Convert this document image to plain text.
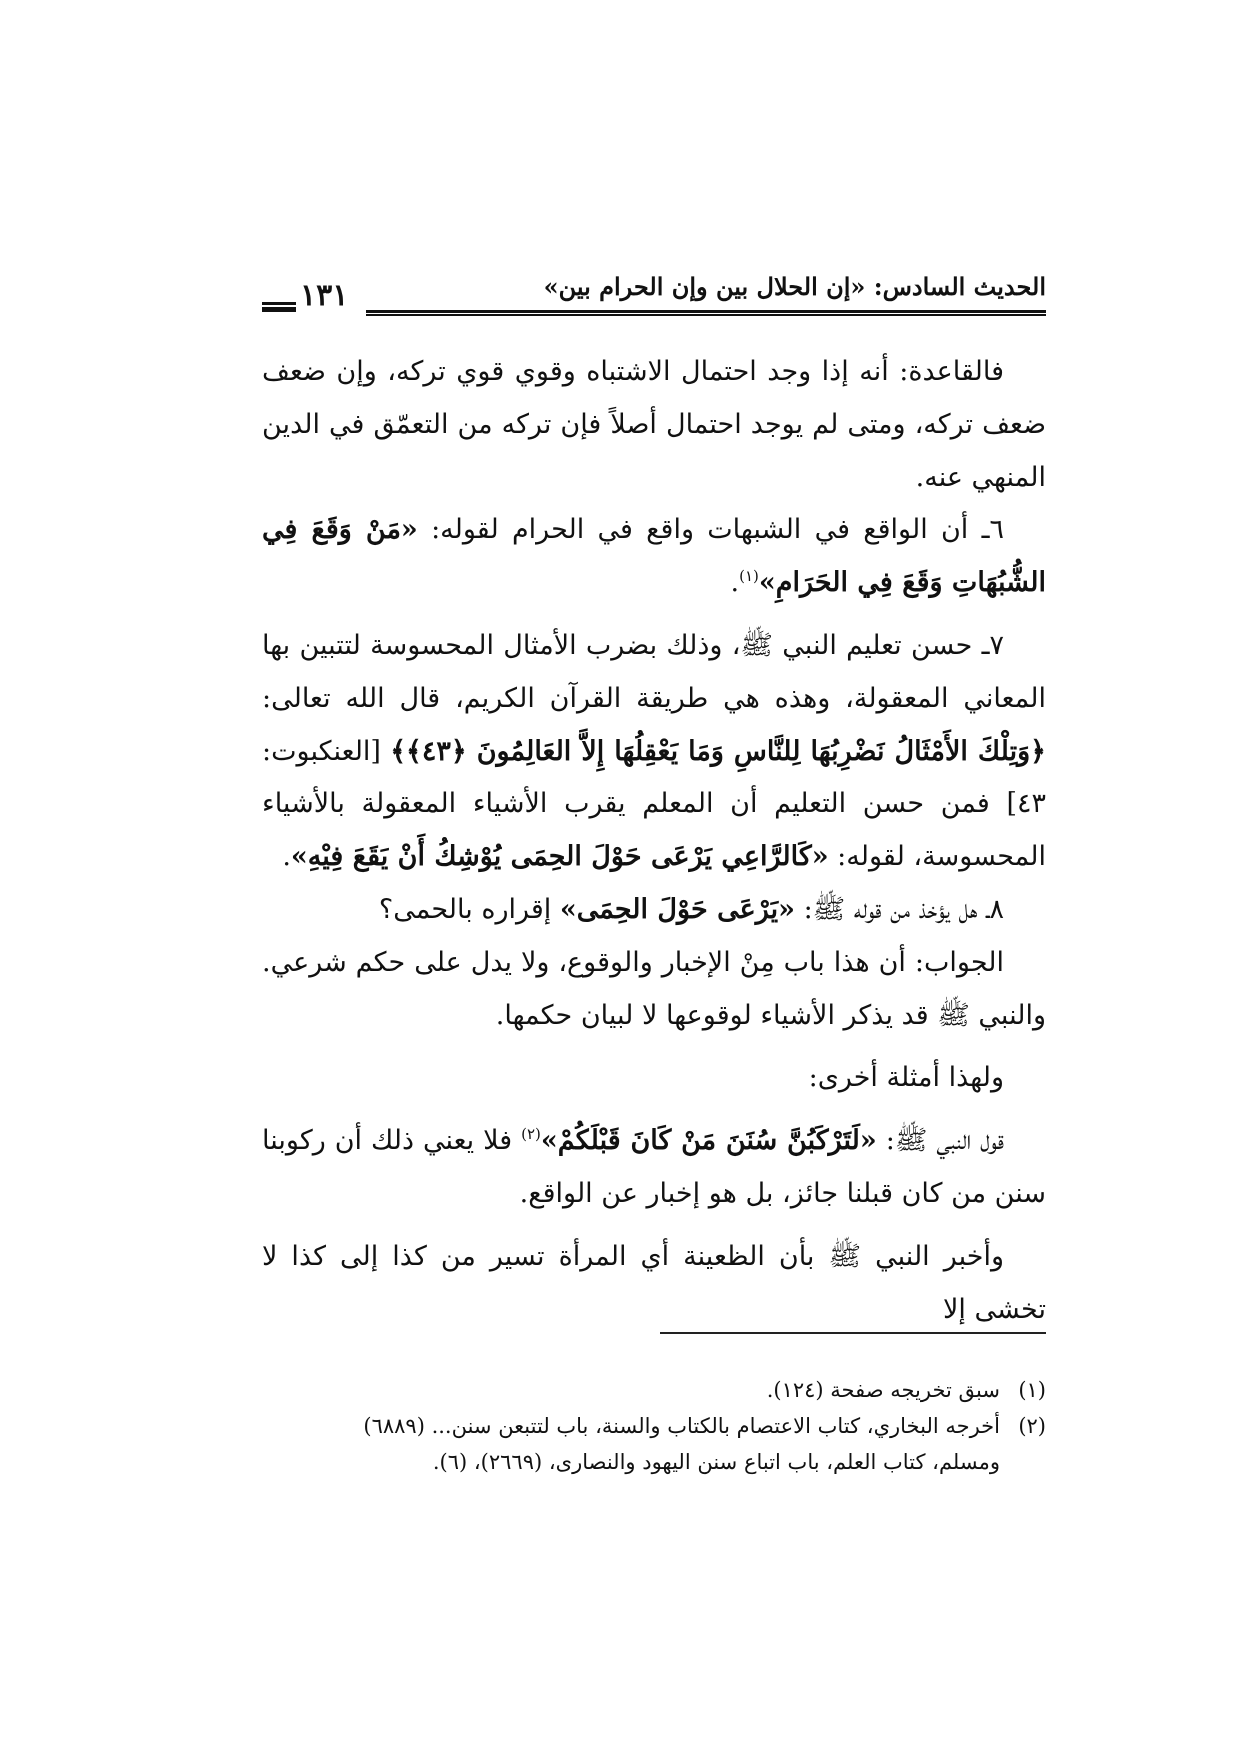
الحديث السادس: «إن الحلال بين وإن الحرام بين»
١٣١

فالقاعدة: أنه إذا وجد احتمال الاشتباه وقوي قوي تركه، وإن ضعف ضعف تركه، ومتى لم يوجد احتمال أصلاً فإن تركه من التعمّق في الدين المنهي عنه.

٦ـ أن الواقع في الشبهات واقع في الحرام لقوله: «مَنْ وَقَعَ فِي الشُّبُهَاتِ وَقَعَ فِي الحَرَامِ»$^{(١)}$.

٧ـ حسن تعليم النبي ﷺ، وذلك بضرب الأمثال المحسوسة لتتبين بها المعاني المعقولة، وهذه هي طريقة القرآن الكريم، قال الله تعالى: ﴿وَتِلْكَ الأَمْثَالُ نَضْرِبُهَا لِلنَّاسِ وَمَا يَعْقِلُهَا إِلاَّ العَالِمُونَ ﴿٤٣﴾﴾ [العنكبوت: ٤٣] فمن حسن التعليم أن المعلم يقرب الأشياء المعقولة بالأشياء المحسوسة، لقوله: «كَالرَّاعِي يَرْعَى حَوْلَ الحِمَى يُوْشِكُ أَنْ يَقَعَ فِيْهِ».

٨ـ هل يؤخذ من قوله ﷺ: «يَرْعَى حَوْلَ الحِمَى» إقراره بالحمى؟

الجواب: أن هذا باب مِنْ الإخبار والوقوع، ولا يدل على حكم شرعي. والنبي ﷺ قد يذكر الأشياء لوقوعها لا لبيان حكمها.

ولهذا أمثلة أخرى:

قول النبي ﷺ: «لَتَرْكَبُنَّ سُنَنَ مَنْ كَانَ قَبْلَكُمْ»$^{(٢)}$ فلا يعني ذلك أن ركوبنا سنن من كان قبلنا جائز، بل هو إخبار عن الواقع.

وأخبر النبي ﷺ بأن الظعينة أي المرأة تسير من كذا إلى كذا لا تخشى إلا

(١)سبق تخريجه صفحة (١٢٤).

(٢)أخرجه البخاري، كتاب الاعتصام بالكتاب والسنة، باب لتتبعن سنن... (٦٨٨٩)

ومسلم، كتاب العلم، باب اتباع سنن اليهود والنصارى، (٢٦٦٩)، (٦).
